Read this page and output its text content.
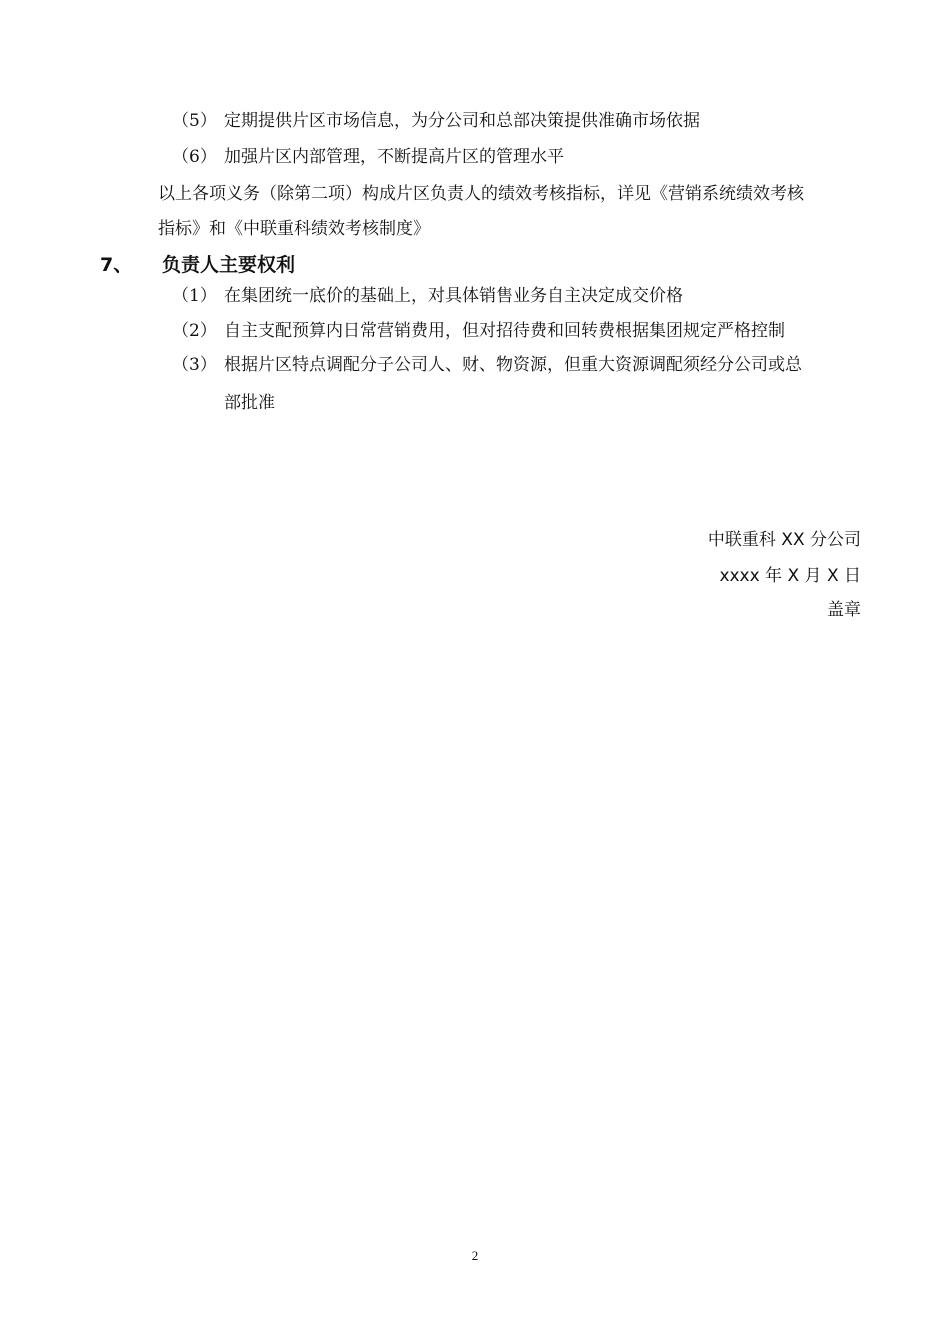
（5） 定期提供片区市场信息，为分公司和总部决策提供准确市场依据
（6） 加强片区内部管理，不断提高片区的管理水平
以上各项义务（除第二项）构成片区负责人的绩效考核指标，详见《营销系统绩效考核
指标》和《中联重科绩效考核制度》
7、 负责人主要权利
（1） 在集团统一底价的基础上，对具体销售业务自主决定成交价格
（2） 自主支配预算内日常营销费用，但对招待费和回转费根据集团规定严格控制
（3） 根据片区特点调配分子公司人、财、物资源，但重大资源调配须经分公司或总
部批准
中联重科 XX 分公司
xxxx 年 X 月 X 日
盖章
2
